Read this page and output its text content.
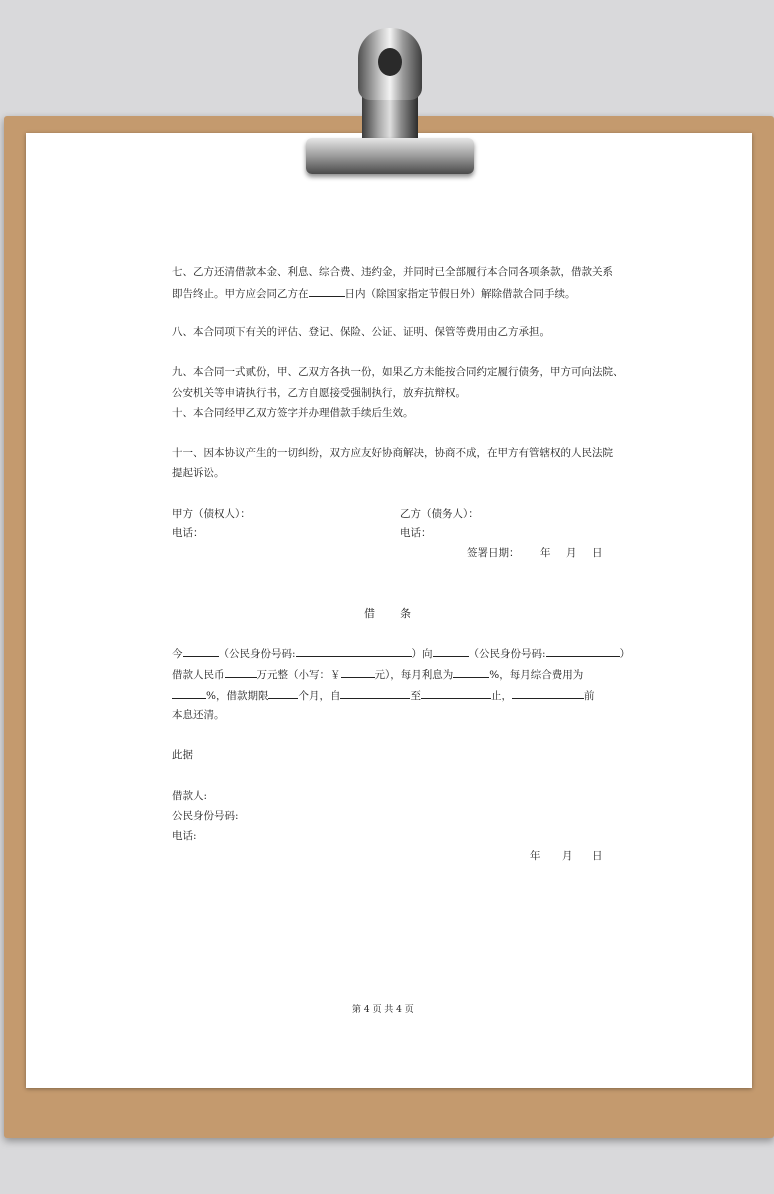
七、乙方还清借款本金、利息、综合费、违约金，并同时已全部履行本合同各项条款，借款关系
即告终止。甲方应会同乙方在	日内（除国家指定节假日外）解除借款合同手续。
八、本合同项下有关的评估、登记、保险、公证、证明、保管等费用由乙方承担。
九、本合同一式贰份，甲、乙双方各执一份，如果乙方未能按合同约定履行债务，甲方可向法院、
公安机关等申请执行书，乙方自愿接受强制执行，放弃抗辩权。
十、本合同经甲乙双方签字并办理借款手续后生效。
十一、因本协议产生的一切纠纷，双方应友好协商解决，协商不成，在甲方有管辖权的人民法院
提起诉讼。
甲方（债权人）：	乙方（债务人）：
电话：	电话：
签署日期： 年 月 日
借 条
今	（公民身份号码:	）向	（公民身份号码:	）
借款人民币	万元整（小写：￥	元），每月利息为	%，每月综合费用为
%，借款期限	个月，自	至	止，	前
本息还清。
此据
借款人:
公民身份号码:
电话:
年 月 日
第 4 页 共 4 页
